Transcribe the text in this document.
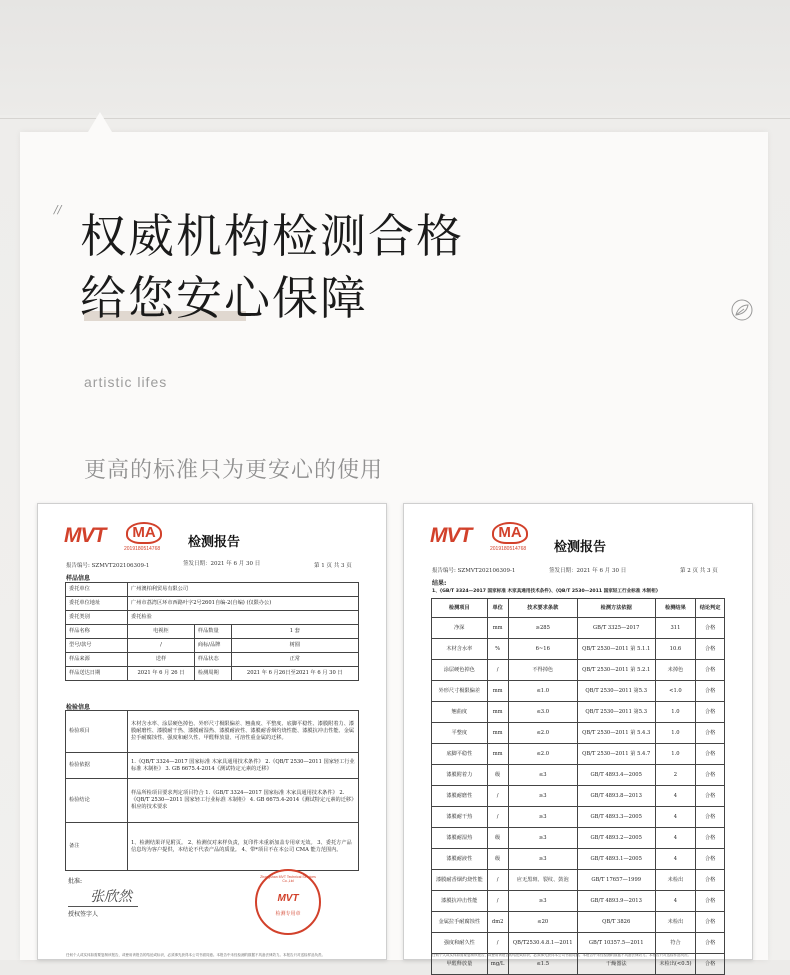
// 权威机构检测合格
给您安心保障
artistic lifes
更高的标准只为更安心的使用
MVT	MA
2019180514768 检测报告
报告编号: SZMVT202106309-1	签发日期：2021 年 6 月 30 日	第 1 页 共 3 页
样品信息
委托单位	广州澳柏利贸易有限公司		
委托单位地址	广州市荔湾区环市西路叶字2号2601自编-2(自编) (仅限办公)		
委托类别	委托检验		
样品名称	电视柜	样品数量	1 套
型号/款号	/	商标/品牌	树囿
样品来源	送样	样品状态	正常
样品送达日期	2021 年 6 月 26 日	检测周期	2021 年 6 月26日至2021 年 6 月 30 日
检验信息
检验项目	木材含水率、涂层硬色掉色、外形尺寸极限偏差、翘曲度、平整度、底脚平稳性、漆膜附着力、漆膜耐磨性、漆膜耐干热、漆膜耐湿热、漆膜耐液性、漆膜耐香烟灼烧性能、漆膜抗冲击性能、金属拉手耐腐蚀性、强度和耐久性、甲醛释放量、可溶性重金属的迁移。
检验依据	1.《QB/T 3324—2017 国家标准 木家具通用技术条件》 2.《QB/T 2530—2011 国家轻工行业标准 木制柜》 3. GB 6675.4-2014《测试特定元素的迁移》
检验结论	样品所检项目要求判定项目符合 1.《GB/T 3324—2017 国家标准 木家具通用技术条件》 2.《QB/T 2530—2011 国家轻工行业标准 木制柜》 4. GB 6675.4-2014《测试特定元素的迁移》相应的技术要求
备注	1、检测结果详见附页。 2、检测仅对来样负责，复印件未重新加盖专用章无效。 3、委托方产品信息均为客户提供，本结论不代表产品的质量。 4、带*项目不在本公司 CMA 能力范围内。
批准:
张欣然
授权签字人
Zhongshan MVT Technical Services Co.,Ltd
MVT
检测专用章
任何个人或实体如需要复制该报告，或使用该报告的结论或标识，必须事先获得本公司书面同意。本报告中未经检测的数据不具备法律效力。本报告只对送检样品负责。
MVT	MA
2019180514768 检测报告
报告编号: SZMVT202106309-1	签发日期：2021 年 6 月 30 日	第 2 页 共 3 页
结果:
1、《GB/T 3324—2017 国家标准 木家具通用技术条件》、《QB/T 2530—2011 国家轻工行业标准 木制柜》
检测项目	单位	技术要求条款	检测方法依据	检测结果	结论判定
净深	mm	≥285	GB/T 3325—2017	311	合格
木材含水率	%	6~16	QB/T 2530—2011 第 5.1.1	10.6	合格
涂层硬色掉色	/	不得掉色	QB/T 2530—2011 第 5.2.1	未掉色	合格
外形尺寸极限偏差	mm	≤1.0	QB/T 2530—2011 第5.3	<1.0	合格
翘曲度	mm	≤3.0	QB/T 2530—2011 第5.3	1.0	合格
平整度	mm	≤2.0	QB/T 2530—2011 第 5.4.3	1.0	合格
底脚平稳性	mm	≤2.0	QB/T 2530—2011 第 5.4.7	1.0	合格
漆膜附着力	级	≤3	GB/T 4893.4—2005	2	合格
漆膜耐磨性	/	≥3	GB/T 4893.8—2013	4	合格
漆膜耐干热	/	≥3	GB/T 4893.3—2005	4	合格
漆膜耐湿热	级	≥3	GB/T 4893.2—2005	4	合格
漆膜耐液性	级	≥3	GB/T 4893.1—2005	4	合格
漆膜耐香烟灼烧性能	/	应无黑斑、裂纹、鼓泡	GB/T 17657—1999	未检出	合格
漆膜抗冲击性能	/	≥3	GB/T 4893.9—2013	4	合格
金属拉手耐腐蚀性	dm2	≤20	QB/T 3826	未检出	合格
强度和耐久性	/	QB/T2530.4.8.1—2011	GB/T 10357.5—2011	符合	合格
甲醛释放量	mg/L	≤1.5	干燥器法	未检出(<0.5)	合格
任何个人或实体如需要复制该报告，或使用该报告的结论或标识，必须事先获得本公司书面同意。本报告中未经检测的数据不具备法律效力。本报告只对送检样品负责。
